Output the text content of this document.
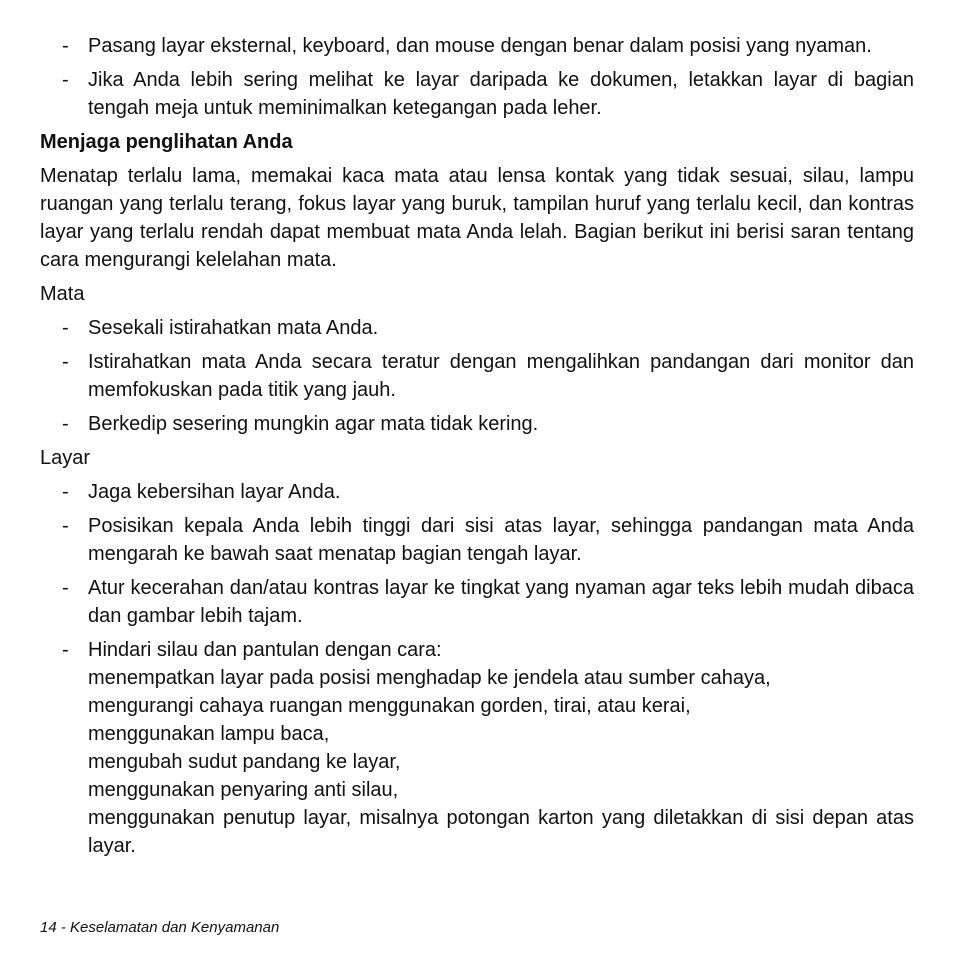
- Pasang layar eksternal, keyboard, dan mouse dengan benar dalam posisi yang nyaman.
- Jika Anda lebih sering melihat ke layar daripada ke dokumen, letakkan layar di bagian tengah meja untuk meminimalkan ketegangan pada leher.
Menjaga penglihatan Anda
Menatap terlalu lama, memakai kaca mata atau lensa kontak yang tidak sesuai, silau, lampu ruangan yang terlalu terang, fokus layar yang buruk, tampilan huruf yang terlalu kecil, dan kontras layar yang terlalu rendah dapat membuat mata Anda lelah. Bagian berikut ini berisi saran tentang cara mengurangi kelelahan mata.
Mata
- Sesekali istirahatkan mata Anda.
- Istirahatkan mata Anda secara teratur dengan mengalihkan pandangan dari monitor dan memfokuskan pada titik yang jauh.
- Berkedip sesering mungkin agar mata tidak kering.
Layar
- Jaga kebersihan layar Anda.
- Posisikan kepala Anda lebih tinggi dari sisi atas layar, sehingga pandangan mata Anda mengarah ke bawah saat menatap bagian tengah layar.
- Atur kecerahan dan/atau kontras layar ke tingkat yang nyaman agar teks lebih mudah dibaca dan gambar lebih tajam.
- Hindari silau dan pantulan dengan cara:
menempatkan layar pada posisi menghadap ke jendela atau sumber cahaya,
mengurangi cahaya ruangan menggunakan gorden, tirai, atau kerai,
menggunakan lampu baca,
mengubah sudut pandang ke layar,
menggunakan penyaring anti silau,
menggunakan penutup layar, misalnya potongan karton yang diletakkan di sisi depan atas layar.
14 - Keselamatan dan Kenyamanan
